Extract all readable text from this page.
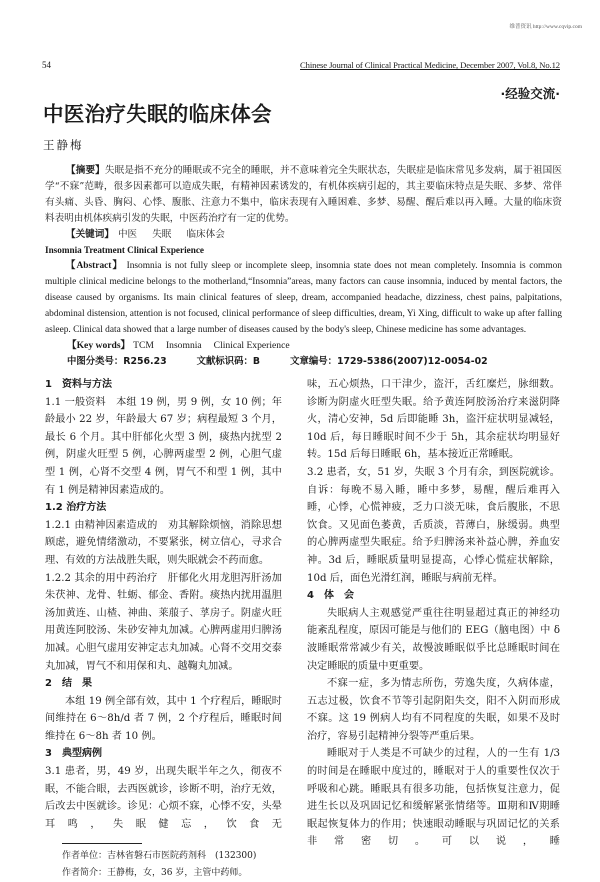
维普资讯 http://www.cqvip.com
54	Chinese Journal of Clinical Practical Medicine, December 2007, Vol.8, No.12
·经验交流·
中医治疗失眠的临床体会
王静梅
【摘要】失眠是指不充分的睡眠或不完全的睡眠，并不意味着完全失眠状态，失眠症是临床常见多发病，属于祖国医学“不寐”范畴，很多因素都可以造成失眠，有精神因素诱发的，有机体疾病引起的，其主要临床特点是失眠、多梦、常伴有头痛、头昏、胸闷、心悸、腹胀、注意力不集中，临床表现有入睡困难、多梦、易醒、醒后难以再入睡。大量的临床资料表明由机体疾病引发的失眠，中医药治疗有一定的优势。
【关键词】 中医 失眠 临床体会
Insomnia Treatment Clinical Experience
【Abstract】 Insomnia is not fully sleep or incomplete sleep, insomnia state does not mean completely. Insomnia is common multiple clinical medicine belongs to the motherland,“Insomnia”areas, many factors can cause insomnia, induced by mental factors, the disease caused by organisms. Its main clinical features of sleep, dream, accompanied headache, dizziness, chest pains, palpitations, abdominal distension, attention is not focused, clinical performance of sleep difficulties, dream, Yi Xing, difficult to wake up after falling asleep. Clinical data showed that a large number of diseases caused by the body's sleep, Chinese medicine has some advantages.
【Key words】 TCM Insomnia Clinical Experience
中图分类号：R256.23	文献标识码：B	文章编号：1729-5386(2007)12-0054-02

1　资料与方法

1.1 一般资料　本组 19 例，男 9 例，女 10 例；年龄最小 22 岁，年龄最大 67 岁；病程最短 3 个月，最长 6 个月。其中肝郁化火型 3 例，痰热内扰型 2 例，阴虚火旺型 5 例，心脾两虚型 2 例，心胆气虚型 1 例，心肾不交型 4 例，胃气不和型 1 例，其中有 1 例是精神因素造成的。

1.2 治疗方法

1.2.1 由精神因素造成的　劝其解除烦恼，消除思想顾虑，避免情绪激动，不要紧张，树立信心，寻求合理、有效的方法战胜失眠，则失眠就会不药而愈。

1.2.2 其余的用中药治疗　肝郁化火用龙胆泻肝汤加朱茯神、龙骨、牡蛎、郁金、香附。痰热内扰用温胆汤加黄连、山楂、神曲、莱菔子、莩房子。阴虚火旺用黄连阿胶汤、朱砂安神丸加减。心脾两虚用归脾汤加减。心胆气虚用安神定志丸加减。心肾不交用交泰丸加减，胃气不和用保和丸、越鞠丸加减。

2　结　果

本组 19 例全部有效，其中 1 个疗程后，睡眠时间维持在 6～8h/d 者 7 例，2 个疗程后，睡眠时间维持在 6～8h 者 10 例。

3　典型病例

3.1 患者，男，49 岁，出现失眠半年之久，彻夜不眠，不能合眼，去西医就诊，诊断不明，治疗无效，后改去中医就诊。诊见：心烦不寐，心悸不安，头晕耳鸣，失眠健忘，饮食无

作者单位：吉林省磐石市医院药剂科　(132300)
作者简介：王静梅，女，36 岁，主管中药师。

味，五心烦热，口干津少，盗汗，舌红糜烂，脉细数。诊断为阴虚火旺型失眠。给予黄连阿胶汤治疗来滋阴降火，清心安神，5d 后即能睡 3h，盗汗症状明显减轻，10d 后，每日睡眠时间不少于 5h，其余症状均明显好转。15d 后每日睡眠 6h，基本接近正常睡眠。

3.2 患者，女，51 岁，失眠 3 个月有余，到医院就诊。自诉：每晚不易入睡，睡中多梦，易醒，醒后难再入睡，心悸，心慌神疲，乏力口淡无味，食后腹胀，不思饮食。又见面色萎黄，舌质淡，苔薄白，脉缓弱。典型的心脾两虚型失眠症。给予归脾汤来补益心脾，养血安神。3d 后，睡眠质量明显提高，心悸心慌症状解除，10d 后，面色光滑红润，睡眠与病前无样。

4　体　会

失眠病人主观感觉严重往往明显超过真正的神经功能紊乱程度，原因可能是与他们的 EEG（脑电图）中 δ 波睡眠常常减少有关，故慢波睡眠似乎比总睡眠时间在决定睡眠的质量中更重要。

不寐一症，多为情志所伤，劳逸失度，久病体虚，五志过极，饮食不节等引起阴阳失交，阳不入阴而形成不寐。这 19 例病人均有不同程度的失眠，如果不及时治疗，容易引起精神分裂等严重后果。

睡眠对于人类是不可缺少的过程，人的一生有 1/3 的时间是在睡眠中度过的，睡眠对于人的重要性仅次于呼吸和心跳。睡眠具有很多功能，包括恢复注意力，促进生长以及巩固记忆和缓解紧张情绪等。Ⅲ期和Ⅳ期睡眠起恢复体力的作用；快速眼动睡眠与巩固记忆的关系非常密切。可以说，睡
